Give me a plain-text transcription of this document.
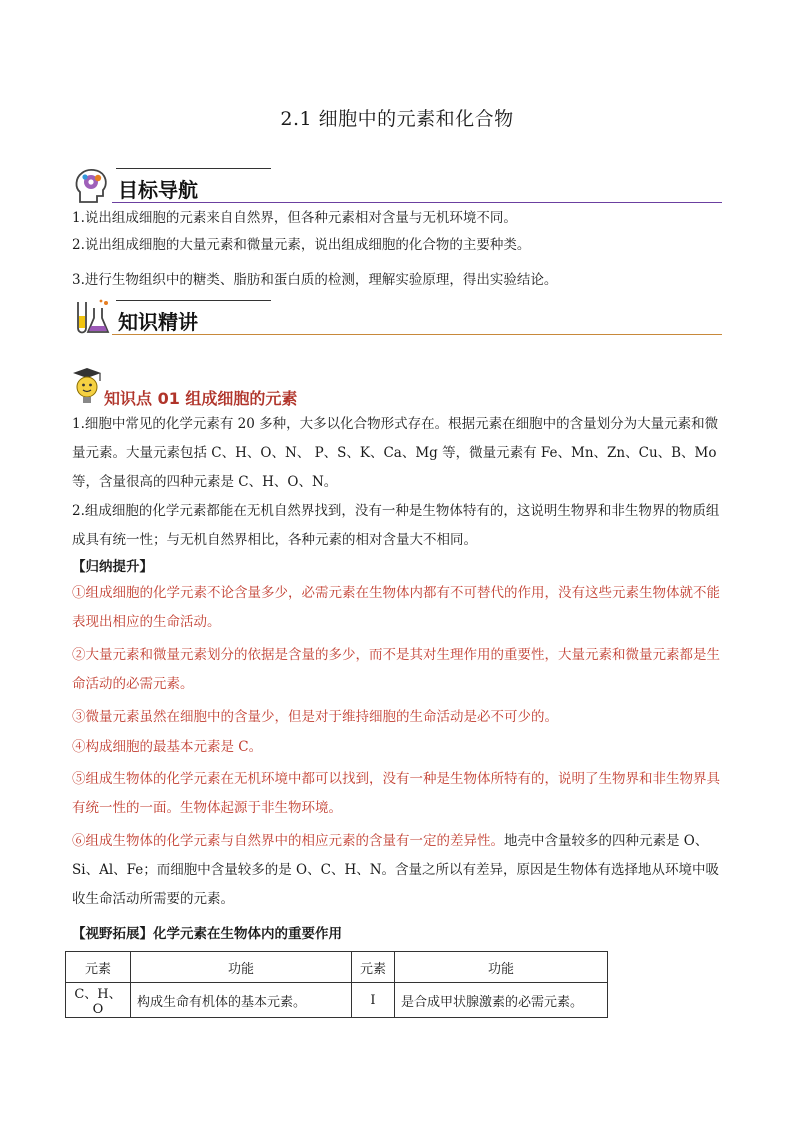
2.1 细胞中的元素和化合物
目标导航
1.说出组成细胞的元素来自自然界，但各种元素相对含量与无机环境不同。
2.说出组成细胞的大量元素和微量元素，说出组成细胞的化合物的主要种类。
3.进行生物组织中的糖类、脂肪和蛋白质的检测，理解实验原理，得出实验结论。
知识精讲
知识点 01 组成细胞的元素
1.细胞中常见的化学元素有 20 多种，大多以化合物形式存在。根据元素在细胞中的含量划分为大量元素和微量元素。大量元素包括 C、H、O、N、 P、S、K、Ca、Mg 等，微量元素有 Fe、Mn、Zn、Cu、B、Mo 等，含量很高的四种元素是 C、H、O、N。
2.组成细胞的化学元素都能在无机自然界找到，没有一种是生物体特有的，这说明生物界和非生物界的物质组成具有统一性；与无机自然界相比，各种元素的相对含量大不相同。
【归纳提升】
①组成细胞的化学元素不论含量多少，必需元素在生物体内都有不可替代的作用，没有这些元素生物体就不能表现出相应的生命活动。
②大量元素和微量元素划分的依据是含量的多少，而不是其对生理作用的重要性，大量元素和微量元素都是生命活动的必需元素。
③微量元素虽然在细胞中的含量少，但是对于维持细胞的生命活动是必不可少的。
④构成细胞的最基本元素是 C。
⑤组成生物体的化学元素在无机环境中都可以找到，没有一种是生物体所特有的，说明了生物界和非生物界具有统一性的一面。生物体起源于非生物环境。
⑥组成生物体的化学元素与自然界中的相应元素的含量有一定的差异性。地壳中含量较多的四种元素是 O、Si、Al、Fe；而细胞中含量较多的是 O、C、H、N。含量之所以有差异，原因是生物体有选择地从环境中吸收生命活动所需要的元素。
【视野拓展】化学元素在生物体内的重要作用
元素	功能	元素	功能
C、H、O	构成生命有机体的基本元素。	I	是合成甲状腺激素的必需元素。
